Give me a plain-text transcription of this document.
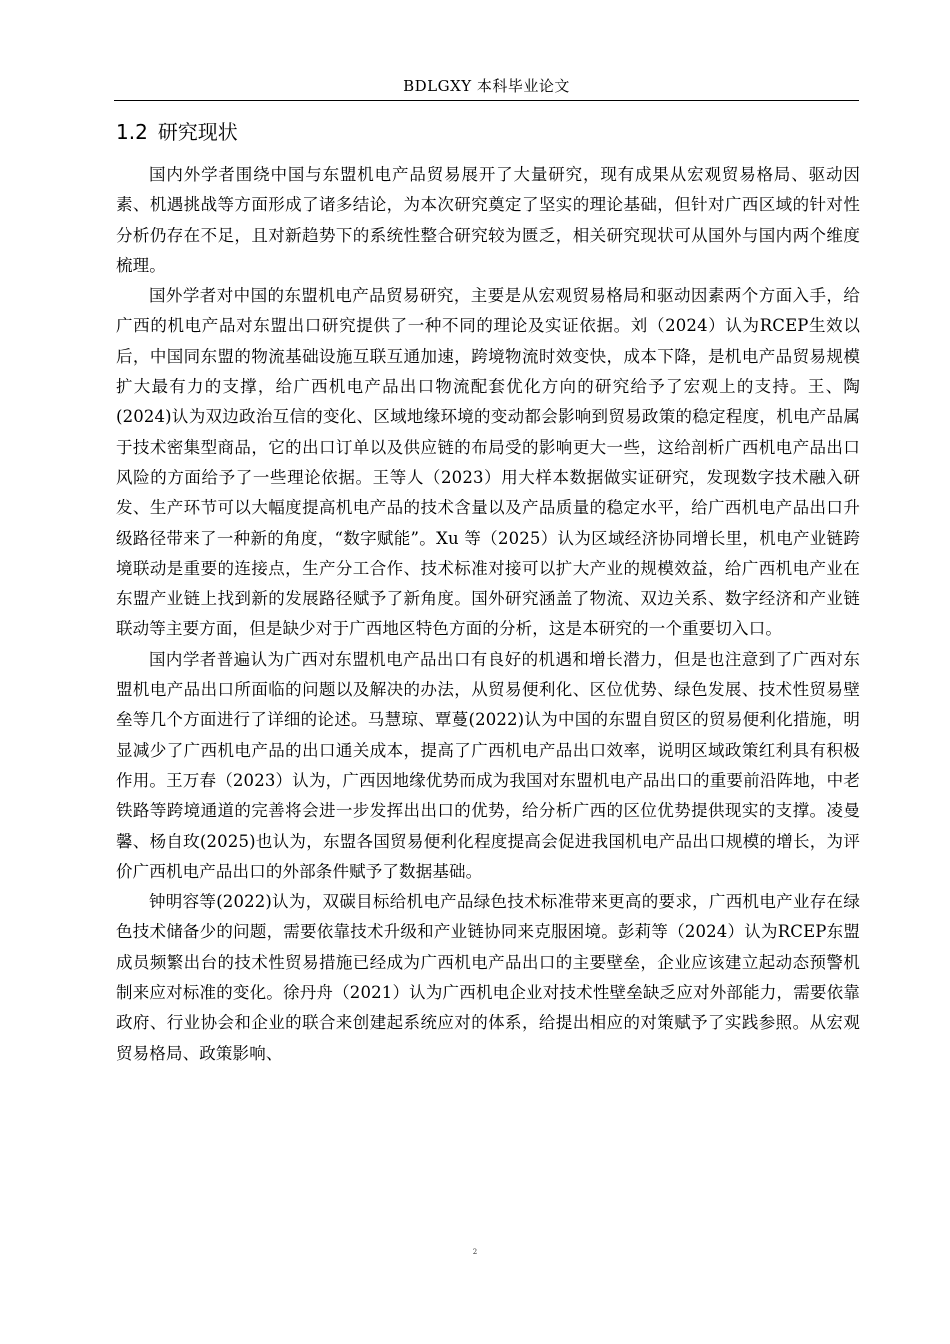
BDLGXY 本科毕业论文
1.2 研究现状

国内外学者围绕中国与东盟机电产品贸易展开了大量研究，现有成果从宏观贸易格局、驱动因素、机遇挑战等方面形成了诸多结论，为本次研究奠定了坚实的理论基础，但针对广西区域的针对性分析仍存在不足，且对新趋势下的系统性整合研究较为匮乏，相关研究现状可从国外与国内两个维度梳理。

国外学者对中国的东盟机电产品贸易研究，主要是从宏观贸易格局和驱动因素两个方面入手，给广西的机电产品对东盟出口研究提供了一种不同的理论及实证依据。刘（2024）认为RCEP生效以后，中国同东盟的物流基础设施互联互通加速，跨境物流时效变快，成本下降，是机电产品贸易规模扩大最有力的支撑，给广西机电产品出口物流配套优化方向的研究给予了宏观上的支持。王、陶(2024)认为双边政治互信的变化、区域地缘环境的变动都会影响到贸易政策的稳定程度，机电产品属于技术密集型商品，它的出口订单以及供应链的布局受的影响更大一些，这给剖析广西机电产品出口风险的方面给予了一些理论依据。王等人（2023）用大样本数据做实证研究，发现数字技术融入研发、生产环节可以大幅度提高机电产品的技术含量以及产品质量的稳定水平，给广西机电产品出口升级路径带来了一种新的角度，“数字赋能”。Xu 等（2025）认为区域经济协同增长里，机电产业链跨境联动是重要的连接点，生产分工合作、技术标准对接可以扩大产业的规模效益，给广西机电产业在东盟产业链上找到新的发展路径赋予了新角度。国外研究涵盖了物流、双边关系、数字经济和产业链联动等主要方面，但是缺少对于广西地区特色方面的分析，这是本研究的一个重要切入口。

国内学者普遍认为广西对东盟机电产品出口有良好的机遇和增长潜力，但是也注意到了广西对东盟机电产品出口所面临的问题以及解决的办法，从贸易便利化、区位优势、绿色发展、技术性贸易壁垒等几个方面进行了详细的论述。马慧琼、覃蔓(2022)认为中国的东盟自贸区的贸易便利化措施，明显减少了广西机电产品的出口通关成本，提高了广西机电产品出口效率，说明区域政策红利具有积极作用。王万春（2023）认为，广西因地缘优势而成为我国对东盟机电产品出口的重要前沿阵地，中老铁路等跨境通道的完善将会进一步发挥出出口的优势，给分析广西的区位优势提供现实的支撑。凌曼馨、杨自玫(2025)也认为，东盟各国贸易便利化程度提高会促进我国机电产品出口规模的增长，为评价广西机电产品出口的外部条件赋予了数据基础。

钟明容等(2022)认为，双碳目标给机电产品绿色技术标准带来更高的要求，广西机电产业存在绿色技术储备少的问题，需要依靠技术升级和产业链协同来克服困境。彭莉等（2024）认为RCEP东盟成员频繁出台的技术性贸易措施已经成为广西机电产品出口的主要壁垒，企业应该建立起动态预警机制来应对标准的变化。徐丹舟（2021）认为广西机电企业对技术性壁垒缺乏应对外部能力，需要依靠政府、行业协会和企业的联合来创建起系统应对的体系，给提出相应的对策赋予了实践参照。从宏观贸易格局、政策影响、

2
